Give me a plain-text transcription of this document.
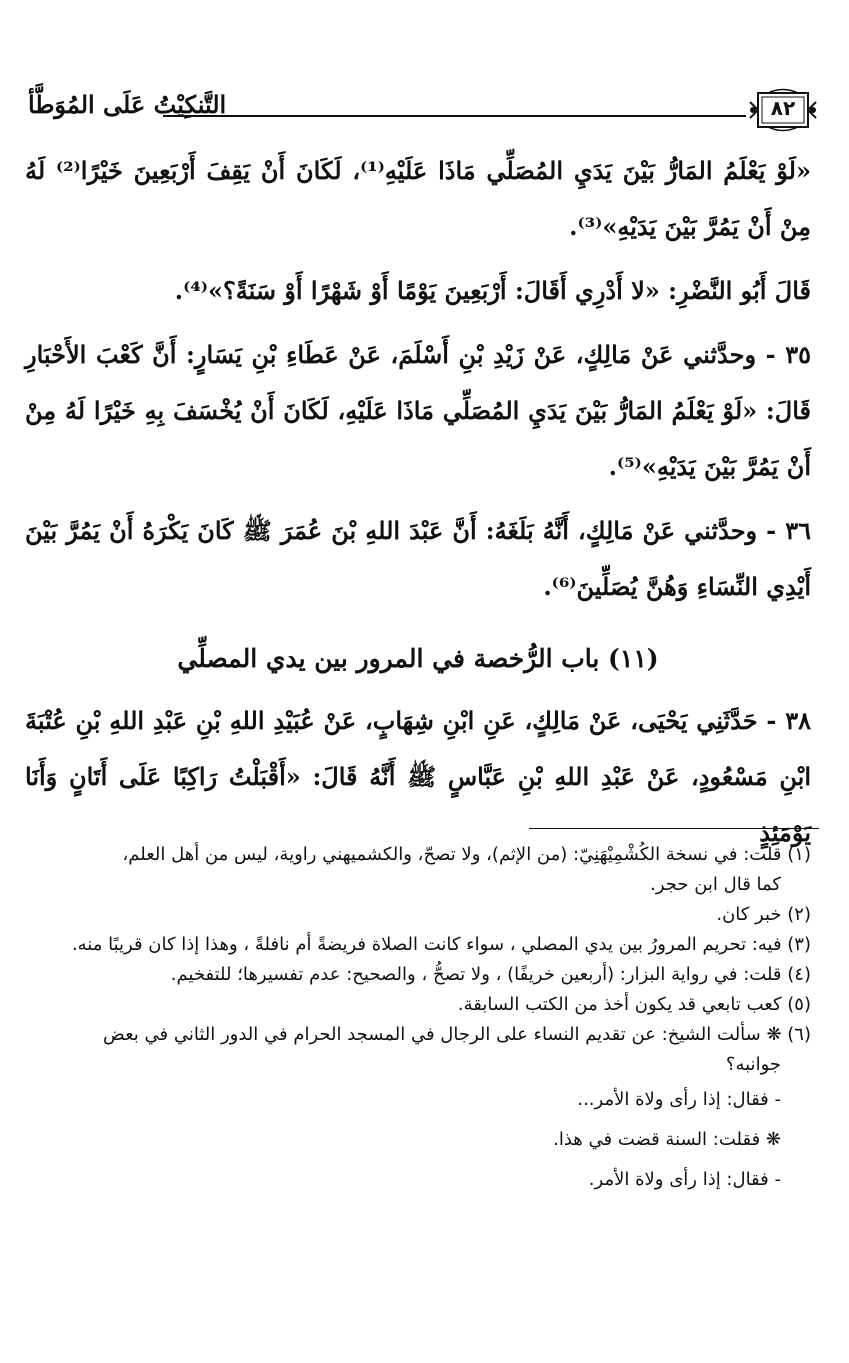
٨٢
التَّنكِيْتُ عَلَى المُوَطَّأ

«لَوْ يَعْلَمُ المَارُّ بَيْنَ يَدَيِ المُصَلِّي مَاذَا عَلَيْهِ⁽¹⁾، لَكَانَ أَنْ يَقِفَ أَرْبَعِينَ خَيْرًا⁽²⁾ لَهُ مِنْ أَنْ يَمُرَّ بَيْنَ يَدَيْهِ»⁽³⁾.

قَالَ أَبُو النَّضْرِ: «لا أَدْرِي أَقَالَ: أَرْبَعِينَ يَوْمًا أَوْ شَهْرًا أَوْ سَنَةً؟»⁽⁴⁾.

٣٥ - وحدَّثني عَنْ مَالِكٍ، عَنْ زَيْدِ بْنِ أَسْلَمَ، عَنْ عَطَاءِ بْنِ يَسَارٍ: أَنَّ كَعْبَ الأَحْبَارِ قَالَ: «لَوْ يَعْلَمُ المَارُّ بَيْنَ يَدَيِ المُصَلِّي مَاذَا عَلَيْهِ، لَكَانَ أَنْ يُخْسَفَ بِهِ خَيْرًا لَهُ مِنْ أَنْ يَمُرَّ بَيْنَ يَدَيْهِ»⁽⁵⁾.

٣٦ - وحدَّثني عَنْ مَالِكٍ، أَنَّهُ بَلَغَهُ: أَنَّ عَبْدَ اللهِ بْنَ عُمَرَ ﷺ كَانَ يَكْرَهُ أَنْ يَمُرَّ بَيْنَ أَيْدِي النِّسَاءِ وَهُنَّ يُصَلِّينَ⁽⁶⁾.

(١١) باب الرُّخصة في المرور بين يدي المصلِّي

٣٨ - حَدَّثَنِي يَحْيَى، عَنْ مَالِكٍ، عَنِ ابْنِ شِهَابٍ، عَنْ عُبَيْدِ اللهِ بْنِ عَبْدِ اللهِ بْنِ عُتْبَةَ ابْنِ مَسْعُودٍ، عَنْ عَبْدِ اللهِ بْنِ عَبَّاسٍ ﷺ أَنَّهُ قَالَ: «أَقْبَلْتُ رَاكِبًا عَلَى أَتَانٍ وَأَنَا يَوْمَئِذٍ

(١) قلت: في نسخة الكُشْمِيْهَنِيّ: (من الإثم)، ولا تصحّ، والكشميهني راوية، ليس من أهل العلم،

كما قال ابن حجر.

(٢) خبر كان.

(٣) فيه: تحريم المرورُ بين يدي المصلي ، سواء كانت الصلاة فريضةً أم نافلةً ، وهذا إذا كان قريبًا منه.

(٤) قلت: في رواية البزار: (أربعين خريفًا) ، ولا تصحُّ ، والصحيح: عدم تفسيرها؛ للتفخيم.

(٥) كعب تابعي قد يكون أخذ من الكتب السابقة.

(٦) ❋ سألت الشيخ: عن تقديم النساء على الرجال في المسجد الحرام في الدور الثاني في بعض

جوانبه؟

- فقال: إذا رأى ولاة الأمر...

❋ فقلت: السنة قضت في هذا.

- فقال: إذا رأى ولاة الأمر.
